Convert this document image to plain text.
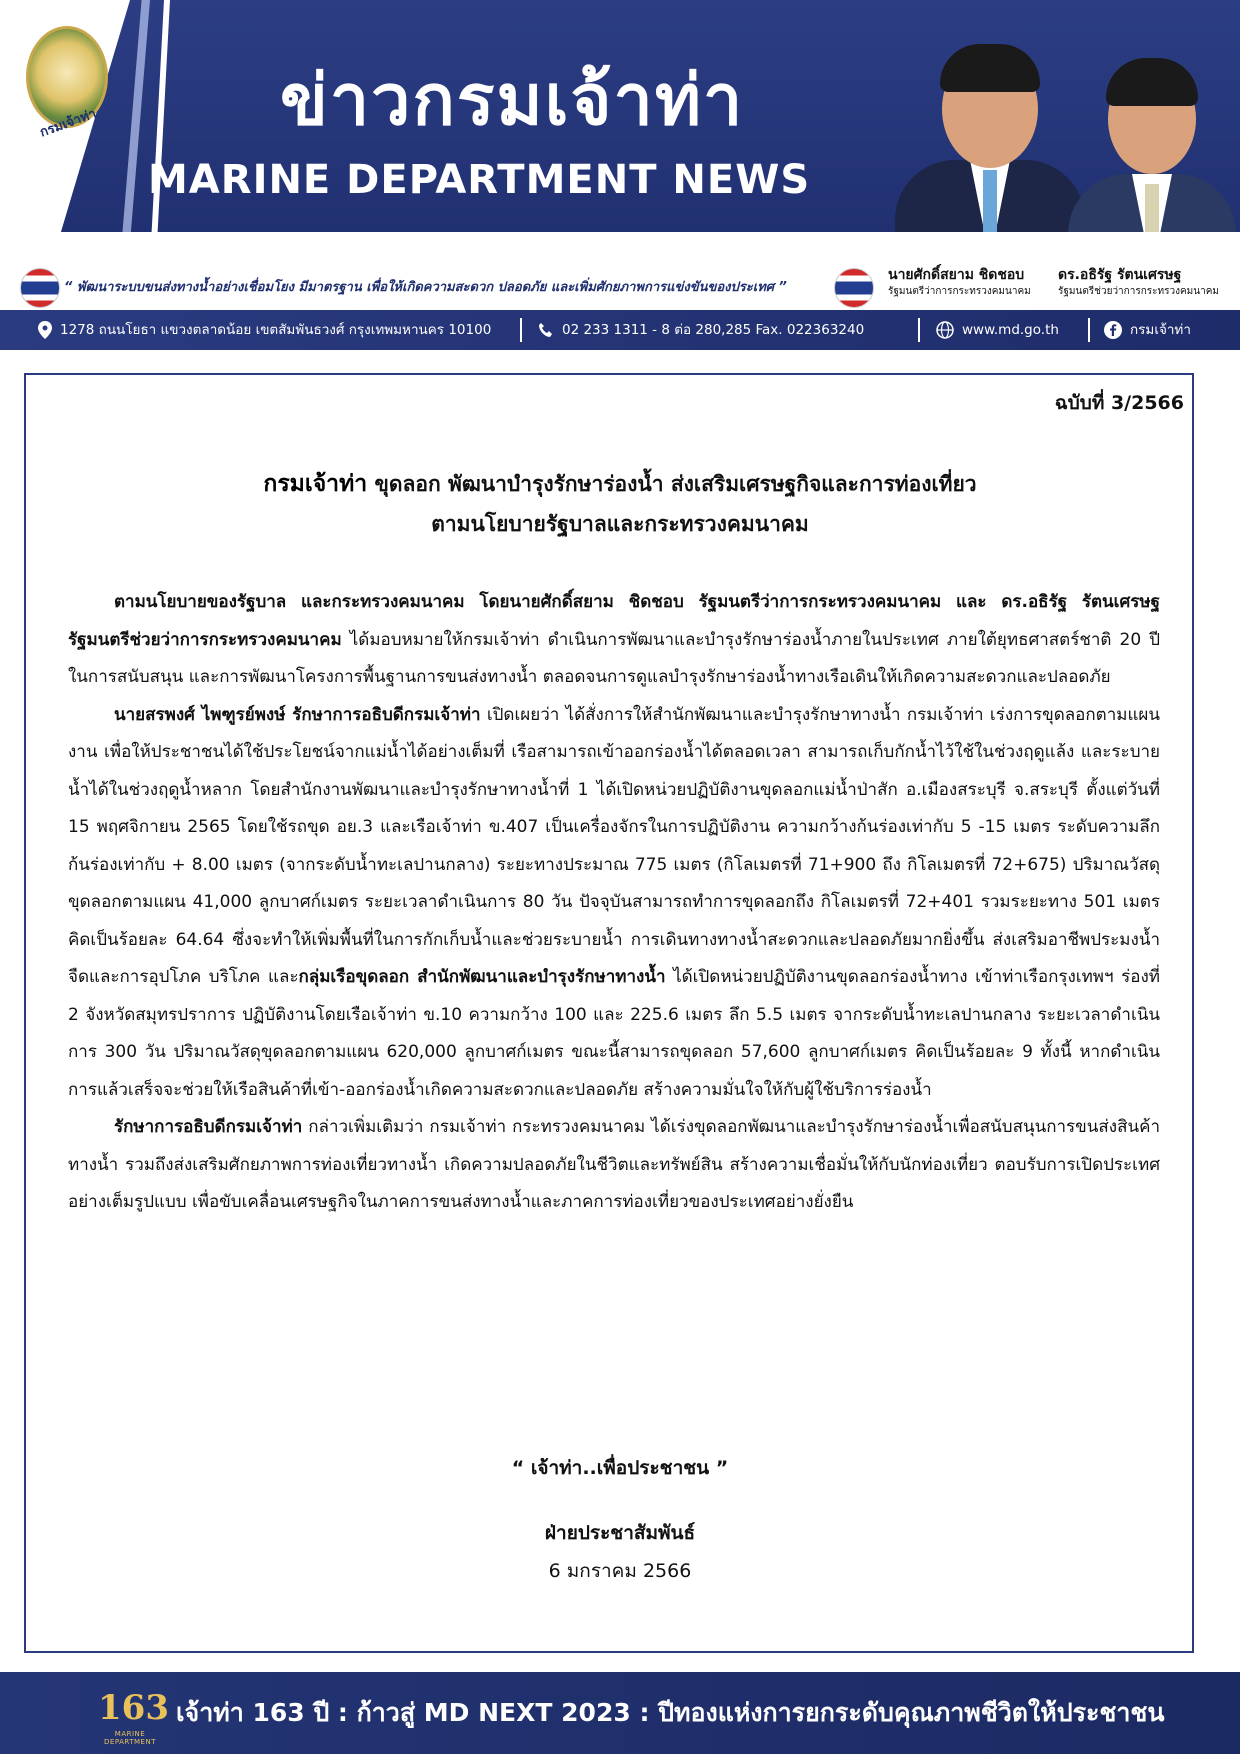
กรมเจ้าท่า	ข่าวกรมเจ้าท่า
MARINE DEPARTMENT NEWS
“ พัฒนาระบบขนส่งทางน้ำอย่างเชื่อมโยง มีมาตรฐาน เพื่อให้เกิดความสะดวก ปลอดภัย และเพิ่มศักยภาพการแข่งขันของประเทศ ”
นายศักดิ์สยาม ชิดชอบ
รัฐมนตรีว่าการกระทรวงคมนาคม
ดร.อธิรัฐ รัตนเศรษฐ
รัฐมนตรีช่วยว่าการกระทรวงคมนาคม
1278 ถนนโยธา แขวงตลาดน้อย เขตสัมพันธวงศ์ กรุงเทพมหานคร 10100	02 233 1311 - 8 ต่อ 280,285 Fax. 022363240	www.md.go.th	กรมเจ้าท่า
ฉบับที่ 3/2566
กรมเจ้าท่า ขุดลอก พัฒนาบำรุงรักษาร่องน้ำ ส่งเสริมเศรษฐกิจและการท่องเที่ยว
ตามนโยบายรัฐบาลและกระทรวงคมนาคม

ตามนโยบายของรัฐบาล และกระทรวงคมนาคม โดยนายศักดิ์สยาม ชิดชอบ รัฐมนตรีว่าการกระทรวงคมนาคม และ ดร.อธิรัฐ รัตนเศรษฐ รัฐมนตรีช่วยว่าการกระทรวงคมนาคม ได้มอบหมายให้กรมเจ้าท่า ดำเนินการพัฒนาและบำรุงรักษาร่องน้ำภายในประเทศ ภายใต้ยุทธศาสตร์ชาติ 20 ปี ในการสนับสนุน และการพัฒนาโครงการพื้นฐานการขนส่งทางน้ำ ตลอดจนการดูแลบำรุงรักษาร่องน้ำทางเรือเดินให้เกิดความสะดวกและปลอดภัย

นายสรพงศ์ ไพฑูรย์พงษ์ รักษาการอธิบดีกรมเจ้าท่า เปิดเผยว่า ได้สั่งการให้สำนักพัฒนาและบำรุงรักษาทางน้ำ กรมเจ้าท่า เร่งการขุดลอกตามแผนงาน เพื่อให้ประชาชนได้ใช้ประโยชน์จากแม่น้ำได้อย่างเต็มที่ เรือสามารถเข้าออกร่องน้ำได้ตลอดเวลา สามารถเก็บกักน้ำไว้ใช้ในช่วงฤดูแล้ง และระบายน้ำได้ในช่วงฤดูน้ำหลาก โดยสำนักงานพัฒนาและบำรุงรักษาทางน้ำที่ 1 ได้เปิดหน่วยปฏิบัติงานขุดลอกแม่น้ำป่าสัก อ.เมืองสระบุรี จ.สระบุรี ตั้งแต่วันที่ 15 พฤศจิกายน 2565 โดยใช้รถขุด อย.3 และเรือเจ้าท่า ข.407 เป็นเครื่องจักรในการปฏิบัติงาน ความกว้างก้นร่องเท่ากับ 5 -15 เมตร ระดับความลึกก้นร่องเท่ากับ + 8.00 เมตร (จากระดับน้ำทะเลปานกลาง) ระยะทางประมาณ 775 เมตร (กิโลเมตรที่ 71+900 ถึง กิโลเมตรที่ 72+675) ปริมาณวัสดุขุดลอกตามแผน 41,000 ลูกบาศก์เมตร ระยะเวลาดำเนินการ 80 วัน ปัจจุบันสามารถทำการขุดลอกถึง กิโลเมตรที่ 72+401 รวมระยะทาง 501 เมตร คิดเป็นร้อยละ 64.64 ซึ่งจะทำให้เพิ่มพื้นที่ในการกักเก็บน้ำและช่วยระบายน้ำ การเดินทางทางน้ำสะดวกและปลอดภัยมากยิ่งขึ้น ส่งเสริมอาชีพประมงน้ำจืดและการอุปโภค บริโภค และกลุ่มเรือขุดลอก สำนักพัฒนาและบำรุงรักษาทางน้ำ ได้เปิดหน่วยปฏิบัติงานขุดลอกร่องน้ำทาง เข้าท่าเรือกรุงเทพฯ ร่องที่ 2 จังหวัดสมุทรปราการ ปฏิบัติงานโดยเรือเจ้าท่า ข.10 ความกว้าง 100 และ 225.6 เมตร ลึก 5.5 เมตร จากระดับน้ำทะเลปานกลาง ระยะเวลาดำเนินการ 300 วัน ปริมาณวัสดุขุดลอกตามแผน 620,000 ลูกบาศก์เมตร ขณะนี้สามารถขุดลอก 57,600 ลูกบาศก์เมตร คิดเป็นร้อยละ 9 ทั้งนี้ หากดำเนินการแล้วเสร็จจะช่วยให้เรือสินค้าที่เข้า-ออกร่องน้ำเกิดความสะดวกและปลอดภัย สร้างความมั่นใจให้กับผู้ใช้บริการร่องน้ำ

รักษาการอธิบดีกรมเจ้าท่า กล่าวเพิ่มเติมว่า กรมเจ้าท่า กระทรวงคมนาคม ได้เร่งขุดลอกพัฒนาและบำรุงรักษาร่องน้ำเพื่อสนับสนุนการขนส่งสินค้าทางน้ำ รวมถึงส่งเสริมศักยภาพการท่องเที่ยวทางน้ำ เกิดความปลอดภัยในชีวิตและทรัพย์สิน สร้างความเชื่อมั่นให้กับนักท่องเที่ยว ตอบรับการเปิดประเทศอย่างเต็มรูปแบบ เพื่อขับเคลื่อนเศรษฐกิจในภาคการขนส่งทางน้ำและภาคการท่องเที่ยวของประเทศอย่างยั่งยืน

“ เจ้าท่า..เพื่อประชาชน ”
ฝ่ายประชาสัมพันธ์
6 มกราคม 2566
163
MARINE DEPARTMENT
เจ้าท่า 163 ปี : ก้าวสู่ MD NEXT 2023 : ปีทองแห่งการยกระดับคุณภาพชีวิตให้ประชาชน
